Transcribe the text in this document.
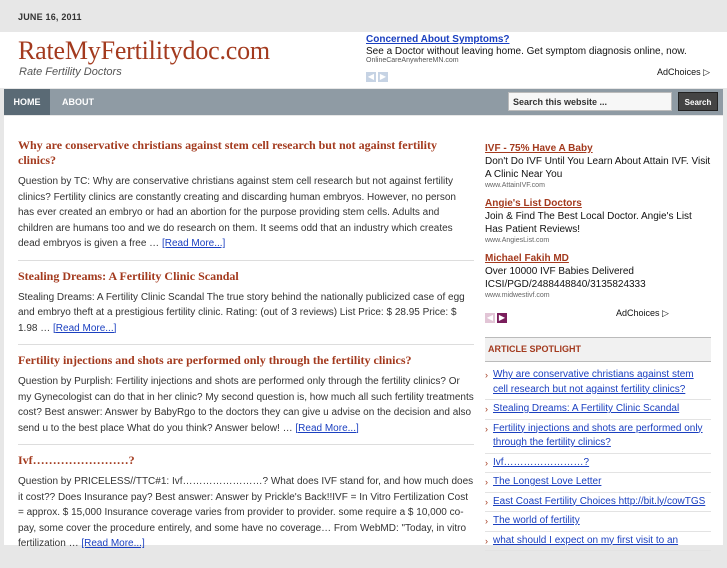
JUNE 16, 2011
RateMyFertilitydoc.com
Rate Fertility Doctors
Concerned About Symptoms?
See a Doctor without leaving home. Get symptom diagnosis online, now.
OnlineCareAnywhereMN.com
◀ ▶	AdChoices ▷
HOME	ABOUT	Search this website ...	Search
Why are conservative christians against stem cell research but not against fertility clinics?

Question by TC: Why are conservative christians against stem cell research but not against fertility clinics? Fertility clinics are constantly creating and discarding human embryos. However, no person has ever created an embryo or had an abortion for the purpose providing stem cells. Adults and children are humans too and we do research on them. It seems odd that an industry which creates dead embryos is given a free … [Read More...]

Stealing Dreams: A Fertility Clinic Scandal

Stealing Dreams: A Fertility Clinic Scandal The true story behind the nationally publicized case of egg and embryo theft at a prestigious fertility clinic. Rating: (out of 3 reviews) List Price: $ 28.95 Price: $ 1.98 … [Read More...]

Fertility injections and shots are performed only through the fertility clinics?

Question by Purplish: Fertility injections and shots are performed only through the fertility clinics? Or my Gynecologist can do that in her clinic? My second question is, how much all such fertility treatments cost? Best answer: Answer by BabyRgo to the doctors they can give u advise on the decision and also send u to the best place What do you think? Answer below! … [Read More...]

Ivf……………………?

Question by PRICELESS//TTC#1: Ivf……………………? What does IVF stand for, and how much does it cost?? Does Insurance pay? Best answer: Answer by Prickle's Back!!IVF = In Vitro Fertilization Cost = approx. $ 15,000 Insurance coverage varies from provider to provider. some require a $ 10,000 co-pay, some cover the procedure entirely, and some have no coverage… From WebMD: "Today, in vitro fertilization … [Read More...]

IVF - 75% Have A Baby
Don't Do IVF Until You Learn About Attain IVF. Visit A Clinic Near You
www.AttainIVF.com
Angie's List Doctors
Join & Find The Best Local Doctor. Angie's List Has Patient Reviews!
www.AngiesList.com
Michael Fakih MD
Over 10000 IVF Babies Delivered ICSI/PGD/2488448840/3135824333
www.midwestivf.com
◀ ▶	AdChoices ▷
ARTICLE SPOTLIGHT
› Why are conservative christians against stem cell research but not against fertility clinics?
› Stealing Dreams: A Fertility Clinic Scandal
› Fertility injections and shots are performed only through the fertility clinics?
› Ivf……………………?
› The Longest Love Letter
› East Coast Fertility Choices http://bit.ly/cowTGS
› The world of fertility
› what should I expect on my first visit to an
